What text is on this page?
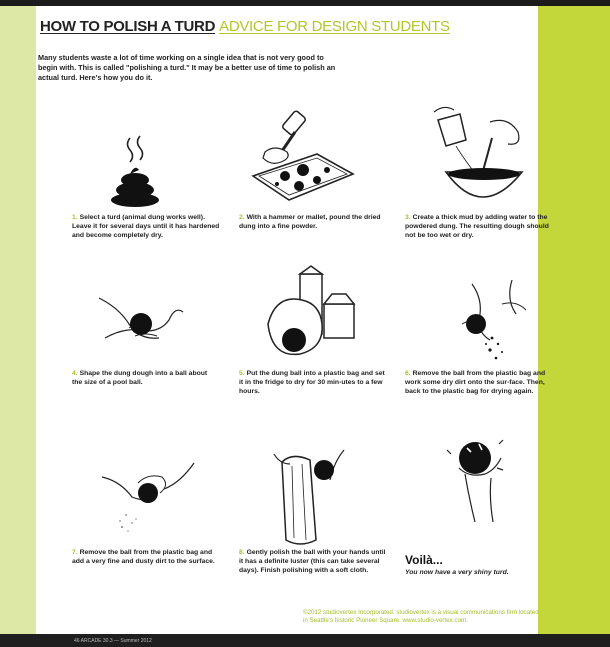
HOW TO POLISH A TURD ADVICE FOR DESIGN STUDENTS
Many students waste a lot of time working on a single idea that is not very good to begin with. This is called "polishing a turd." It may be a better use of time to polish an actual turd. Here's how you do it.
1. Select a turd (animal dung works well). Leave it for several days until it has hardened and become completely dry.
2. With a hammer or mallet, pound the dried dung into a fine powder.
3. Create a thick mud by adding water to the powdered dung. The resulting dough should not be too wet or dry.
4. Shape the dung dough into a ball about the size of a pool ball.
5. Put the dung ball into a plastic bag and set it in the fridge to dry for 30 min-utes to a few hours.
6. Remove the ball from the plastic bag and work some dry dirt onto the sur-face. Then, back to the plastic bag for drying again.
7. Remove the ball from the plastic bag and add a very fine and dusty dirt to the surface.
8. Gently polish the ball with your hands until it has a definite luster (this can take several days). Finish polishing with a soft cloth.
Voilà...
You now have a very shiny turd.
©2012 studiovertex Incorporated. studiovertex is a visual communications firm located in Seattle's historic Pioneer Square. www.studio-vertex.com.
46 ARCADE 30.3 — Summer 2012
